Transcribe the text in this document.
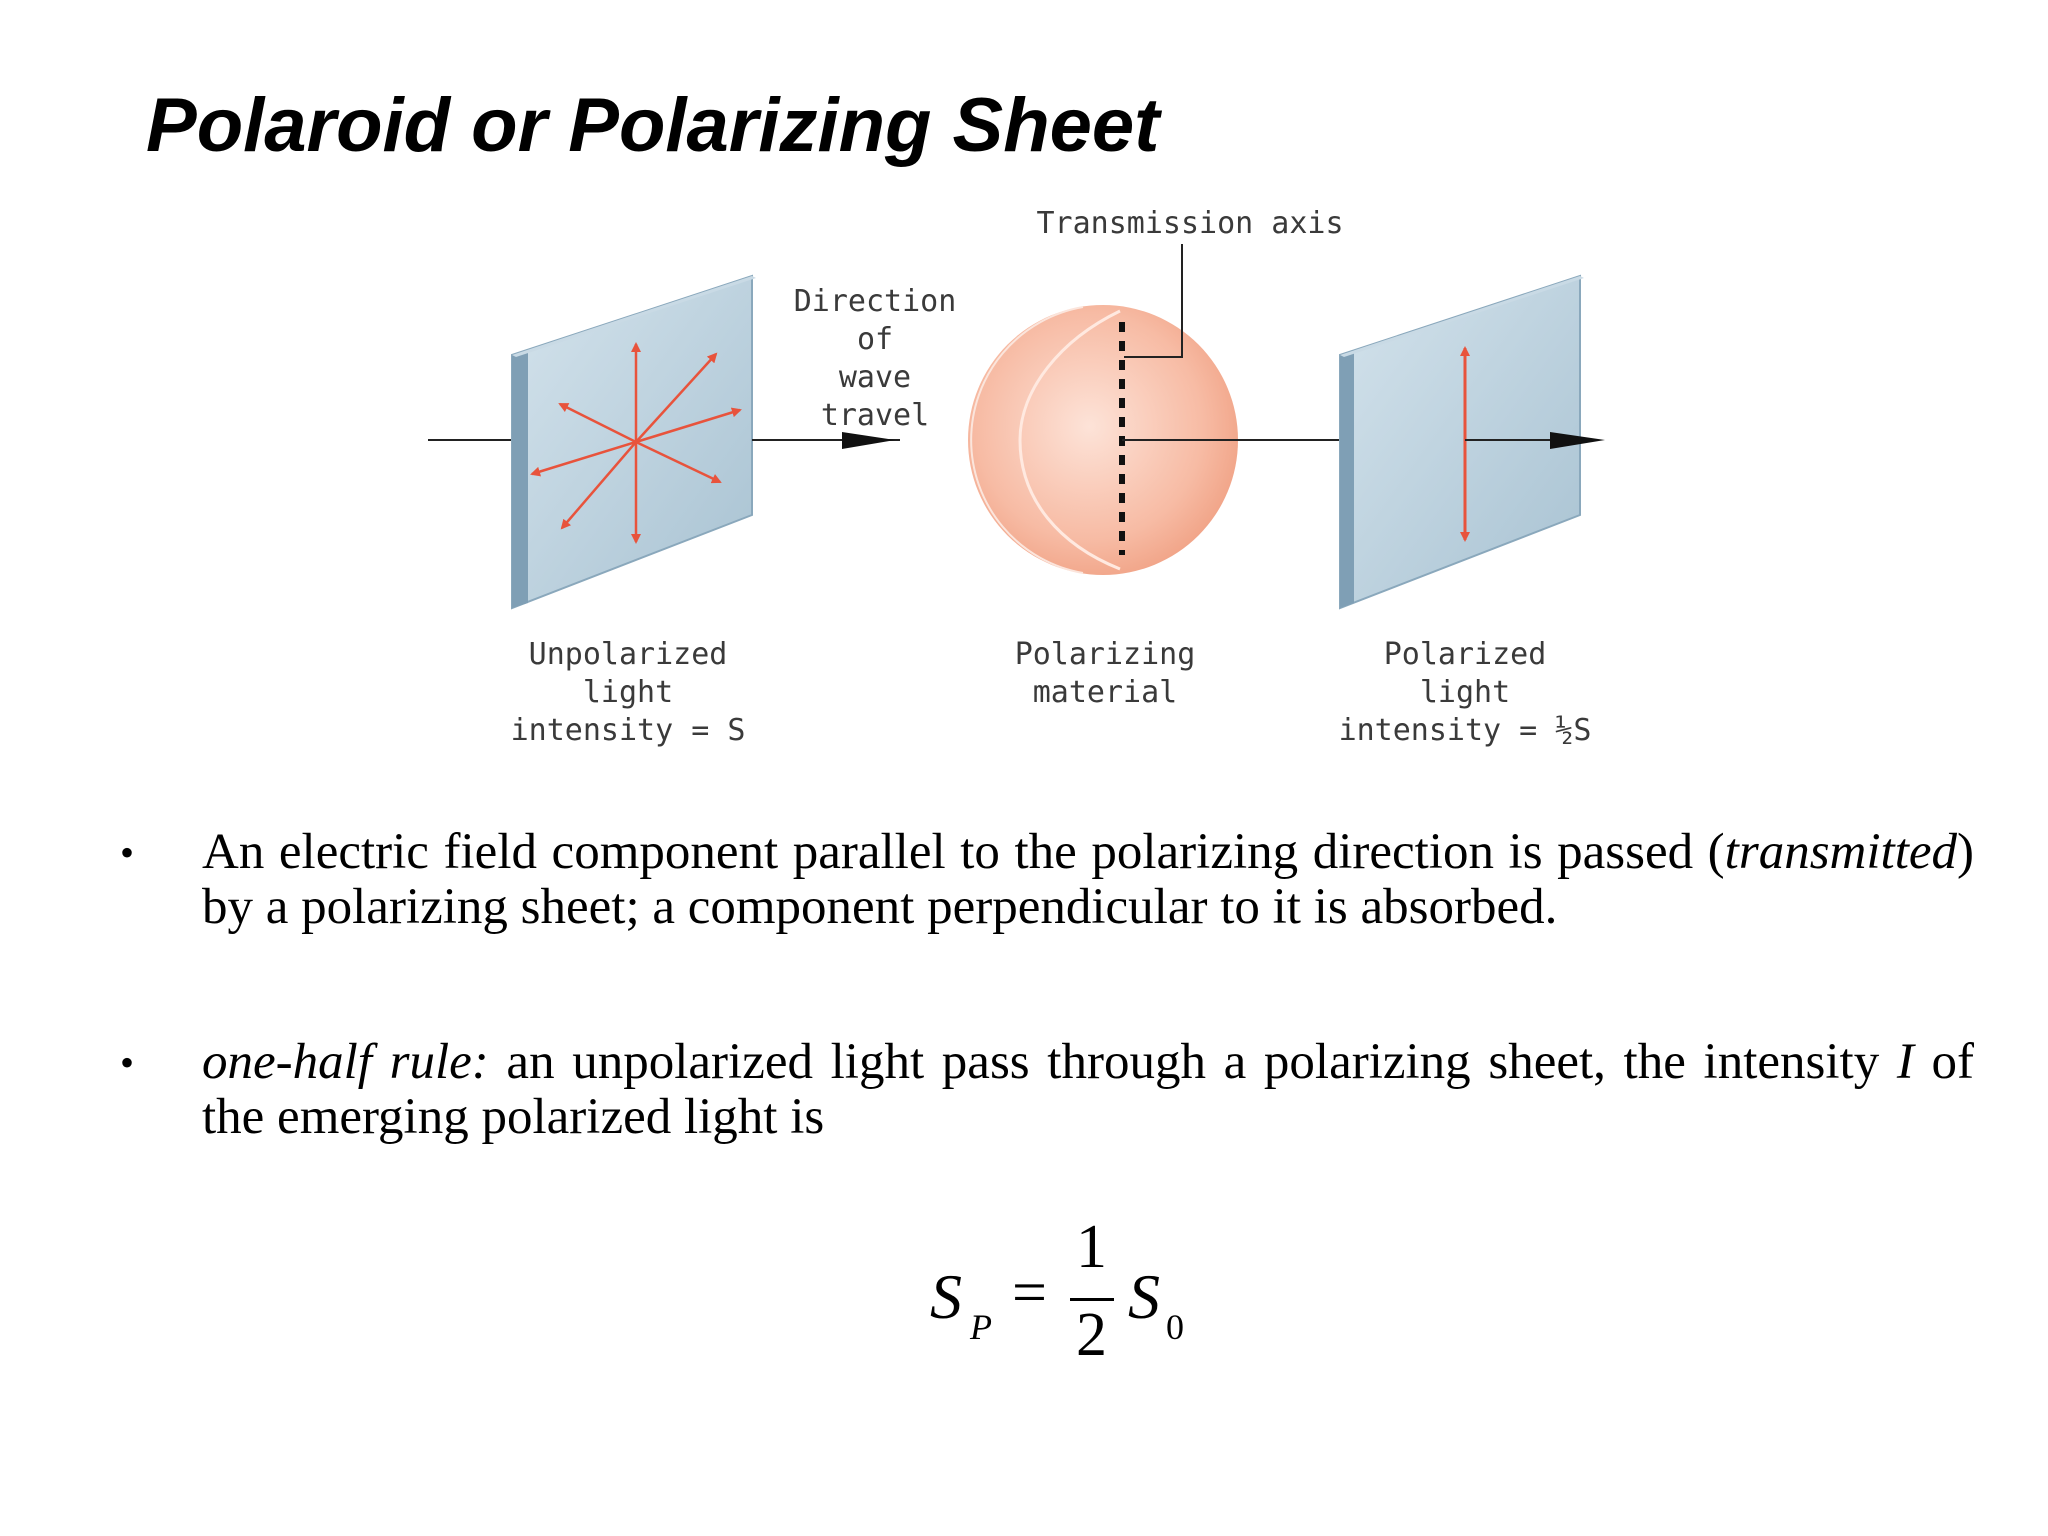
Polaroid or Polarizing Sheet
Transmission axis
Direction
of
wave
travel
Unpolarized
light
intensity = S
Polarizing
material
Polarized
light
intensity = ½S
• An electric field component parallel to the polarizing direction is passed (transmitted) by a polarizing sheet; a component perpendicular to it is absorbed.
• one-half rule: an unpolarized light pass through a polarizing sheet, the intensity I of the emerging polarized light is
S P =
1
2
S 0
